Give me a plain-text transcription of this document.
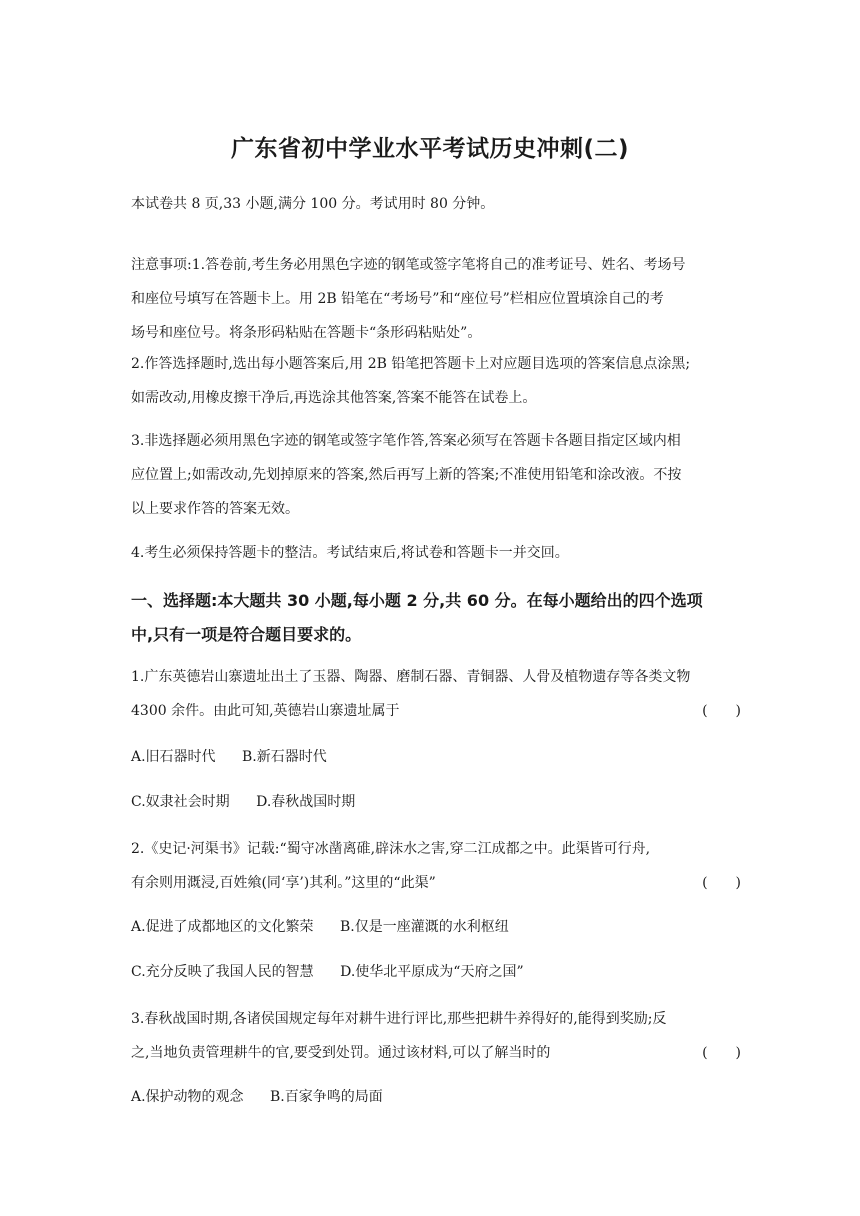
广东省初中学业水平考试历史冲刺(二)
本试卷共 8 页,33 小题,满分 100 分。考试用时 80 分钟。
注意事项:1.答卷前,考生务必用黑色字迹的钢笔或签字笔将自己的准考证号、姓名、考场号
和座位号填写在答题卡上。用 2B 铅笔在“考场号”和“座位号”栏相应位置填涂自己的考
场号和座位号。将条形码粘贴在答题卡“条形码粘贴处”。
2.作答选择题时,选出每小题答案后,用 2B 铅笔把答题卡上对应题目选项的答案信息点涂黑;
如需改动,用橡皮擦干净后,再选涂其他答案,答案不能答在试卷上。
3.非选择题必须用黑色字迹的钢笔或签字笔作答,答案必须写在答题卡各题目指定区域内相
应位置上;如需改动,先划掉原来的答案,然后再写上新的答案;不准使用铅笔和涂改液。不按
以上要求作答的答案无效。
4.考生必须保持答题卡的整洁。考试结束后,将试卷和答题卡一并交回。
一、选择题:本大题共 30 小题,每小题 2 分,共 60 分。在每小题给出的四个选项
中,只有一项是符合题目要求的。
1.广东英德岩山寨遗址出土了玉器、陶器、磨制石器、青铜器、人骨及植物遗存等各类文物
4300 余件。由此可知,英德岩山寨遗址属于	(　　)
A.旧石器时代 B.新石器时代
C.奴隶社会时期 D.春秋战国时期
2.《史记·河渠书》记载:“蜀守冰凿离碓,辟沫水之害,穿二江成都之中。此渠皆可行舟,
有余则用溉浸,百姓飨(同‘享’)其利。”这里的“此渠”	(　　)
A.促进了成都地区的文化繁荣 B.仅是一座灌溉的水利枢纽
C.充分反映了我国人民的智慧 D.使华北平原成为“天府之国”
3.春秋战国时期,各诸侯国规定每年对耕牛进行评比,那些把耕牛养得好的,能得到奖励;反
之,当地负责管理耕牛的官,要受到处罚。通过该材料,可以了解当时的	(　　)
A.保护动物的观念 B.百家争鸣的局面
